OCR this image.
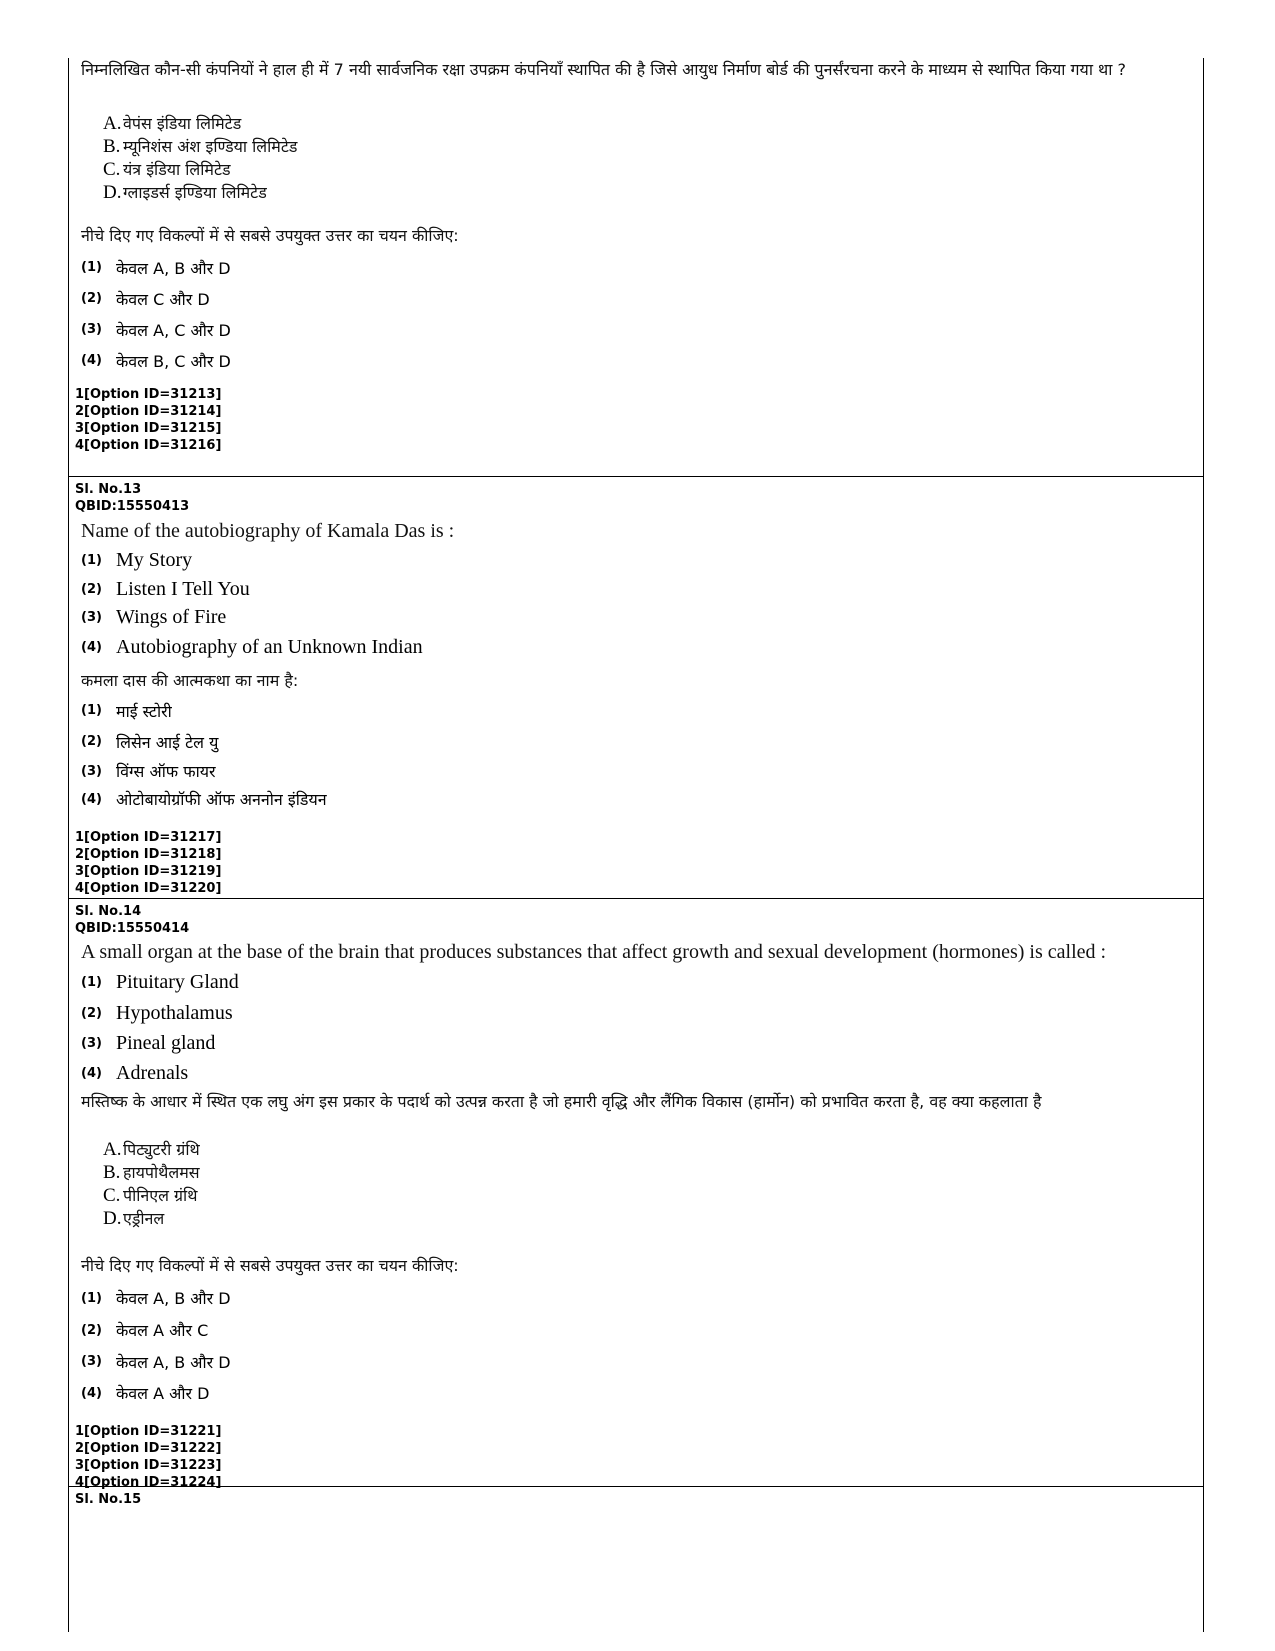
निम्नलिखित कौन-सी कंपनियों ने हाल ही में 7 नयी सार्वजनिक रक्षा उपक्रम कंपनियाँ स्थापित की है जिसे आयुध निर्माण बोर्ड की पुनर्संरचना करने के माध्यम से स्थापित किया गया था ?
A. वेपंस इंडिया लिमिटेड
B. म्यूनिशंस अंश इण्डिया लिमिटेड
C. यंत्र इंडिया लिमिटेड
D. ग्लाइडर्स इण्डिया लिमिटेड
नीचे दिए गए विकल्पों में से सबसे उपयुक्त उत्तर का चयन कीजिए:
(1) केवल A, B और D
(2) केवल C और D
(3) केवल A, C और D
(4) केवल B, C और D
1[Option ID=31213]
2[Option ID=31214]
3[Option ID=31215]
4[Option ID=31216]
Sl. No.13
QBID:15550413
Name of the autobiography of Kamala Das is :
(1) My Story
(2) Listen I Tell You
(3) Wings of Fire
(4) Autobiography of an Unknown Indian
कमला दास की आत्मकथा का नाम है:
(1) माई स्टोरी
(2) लिसेन आई टेल यु
(3) विंग्स ऑफ फायर
(4) ओटोबायोग्रॉफी ऑफ अननोन इंडियन
1[Option ID=31217]
2[Option ID=31218]
3[Option ID=31219]
4[Option ID=31220]
Sl. No.14
QBID:15550414
A small organ at the base of the brain that produces substances that affect growth and sexual development (hormones) is called :
(1) Pituitary Gland
(2) Hypothalamus
(3) Pineal gland
(4) Adrenals
मस्तिष्क के आधार में स्थित एक लघु अंग इस प्रकार के पदार्थ को उत्पन्न करता है जो हमारी वृद्धि और लैंगिक विकास (हार्मोन) को प्रभावित करता है, वह क्या कहलाता है
A. पिट्युटरी ग्रंथि
B. हायपोथैलमस
C. पीनिएल ग्रंथि
D. एड्रीनल
नीचे दिए गए विकल्पों में से सबसे उपयुक्त उत्तर का चयन कीजिए:
(1) केवल A, B और D
(2) केवल A और C
(3) केवल A, B और D
(4) केवल A और D
1[Option ID=31221]
2[Option ID=31222]
3[Option ID=31223]
4[Option ID=31224]
Sl. No.15
